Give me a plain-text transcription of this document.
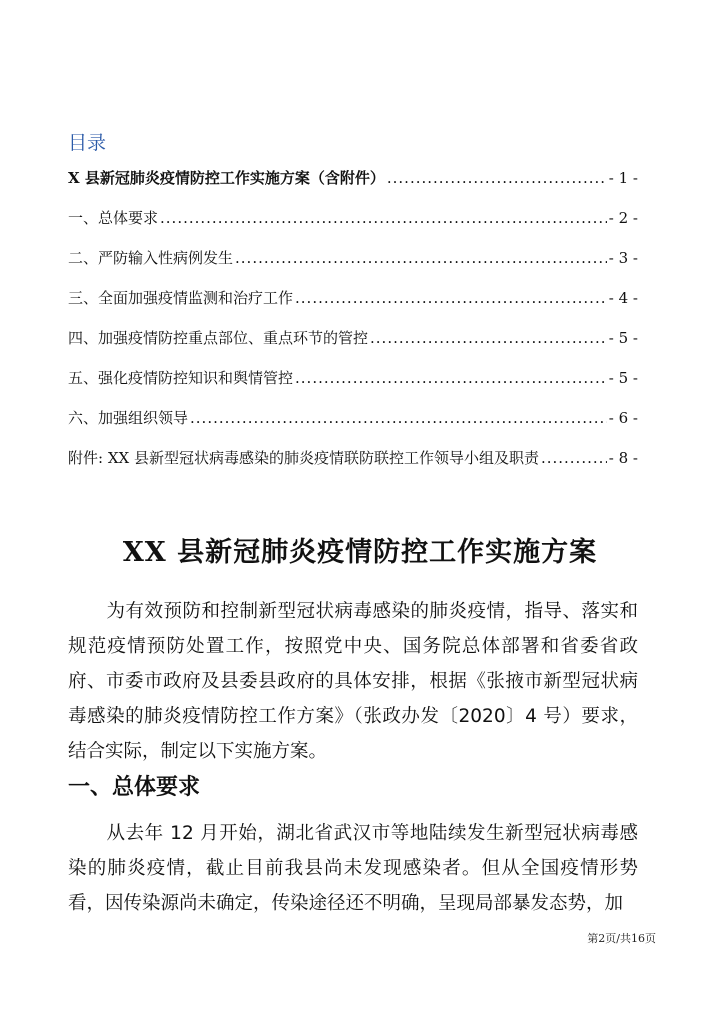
目录
X 县新冠肺炎疫情防控工作实施方案（含附件） .....	- 1 -
一、总体要求 .....	- 2 -
二、严防输入性病例发生 .....	- 3 -
三、全面加强疫情监测和治疗工作 .....	- 4 -
四、加强疫情防控重点部位、重点环节的管控 .....	- 5 -
五、强化疫情防控知识和舆情管控 .....	- 5 -
六、加强组织领导 .....	- 6 -
附件: XX 县新型冠状病毒感染的肺炎疫情联防联控工作领导小组及职责 .....	- 8 -
XX 县新冠肺炎疫情防控工作实施方案
为有效预防和控制新型冠状病毒感染的肺炎疫情，指导、落实和规范疫情预防处置工作，按照党中央、国务院总体部署和省委省政府、市委市政府及县委县政府的具体安排，根据《张掖市新型冠状病毒感染的肺炎疫情防控工作方案》（张政办发〔2020〕4 号）要求，结合实际，制定以下实施方案。
一、总体要求
从去年 12 月开始，湖北省武汉市等地陆续发生新型冠状病毒感染的肺炎疫情，截止目前我县尚未发现感染者。但从全国疫情形势看，因传染源尚未确定，传染途径还不明确，呈现局部暴发态势，加
第2页/共16页
